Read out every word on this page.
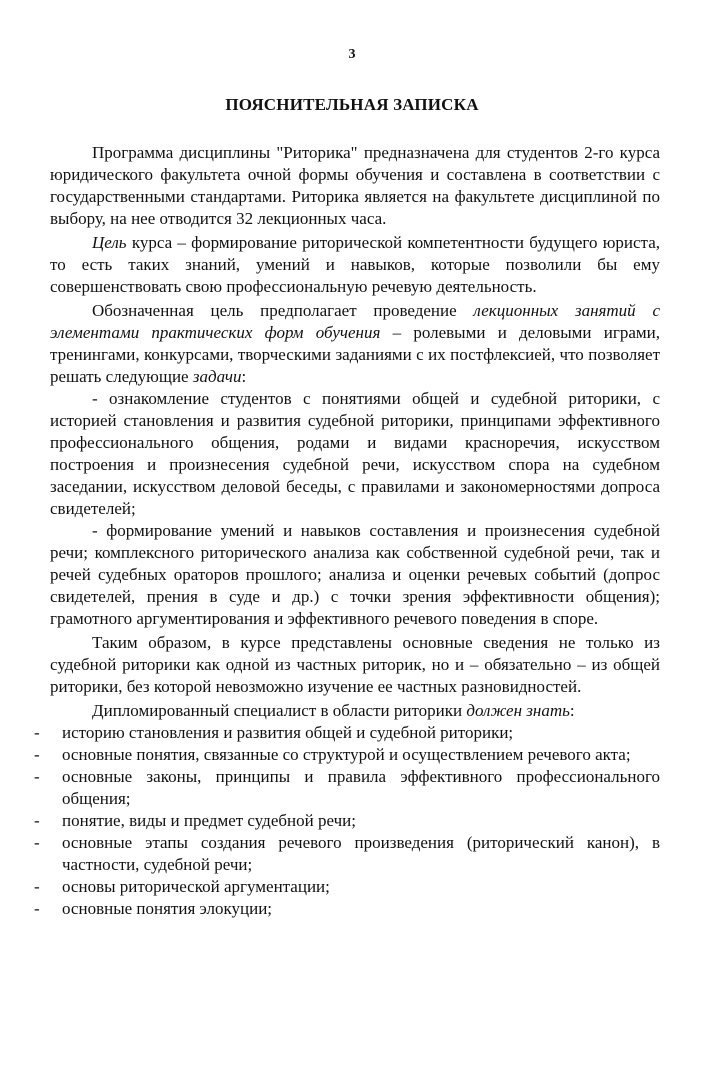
3
ПОЯСНИТЕЛЬНАЯ ЗАПИСКА

Программа дисциплины "Риторика" предназначена для студентов 2-го курса юридического факультета очной формы обучения и составлена в соответствии с государственными стандартами. Риторика является на факультете дисциплиной по выбору, на нее отводится 32 лекционных часа.

Цель курса – формирование риторической компетентности будущего юриста, то есть таких знаний, умений и навыков, которые позволили бы ему совершенствовать свою профессиональную речевую деятельность.

Обозначенная цель предполагает проведение лекционных занятий с элементами практических форм обучения – ролевыми и деловыми играми, тренингами, конкурсами, творческими заданиями с их постфлексией, что позволяет решать следующие задачи:

- ознакомление студентов с понятиями общей и судебной риторики, с историей становления и развития судебной риторики, принципами эффективного профессионального общения, родами и видами красноречия, искусством построения и произнесения судебной речи, искусством спора на судебном заседании, искусством деловой беседы, с правилами и закономерностями допроса свидетелей;

- формирование умений и навыков составления и произнесения судебной речи; комплексного риторического анализа как собственной судебной речи, так и речей судебных ораторов прошлого; анализа и оценки речевых событий (допрос свидетелей, прения в суде и др.) с точки зрения эффективности общения); грамотного аргументирования и эффективного речевого поведения в споре.

Таким образом, в курсе представлены основные сведения не только из судебной риторики как одной из частных риторик, но и – обязательно – из общей риторики, без которой невозможно изучение ее частных разновидностей.

Дипломированный специалист в области риторики должен знать:

- историю становления и развития общей и судебной риторики;
- основные понятия, связанные со структурой и осуществлением речевого акта;
- основные законы, принципы и правила эффективного профессионального общения;
- понятие, виды и предмет судебной речи;
- основные этапы создания речевого произведения (риторический канон), в частности, судебной речи;
- основы риторической аргументации;
- основные понятия элокуции;
